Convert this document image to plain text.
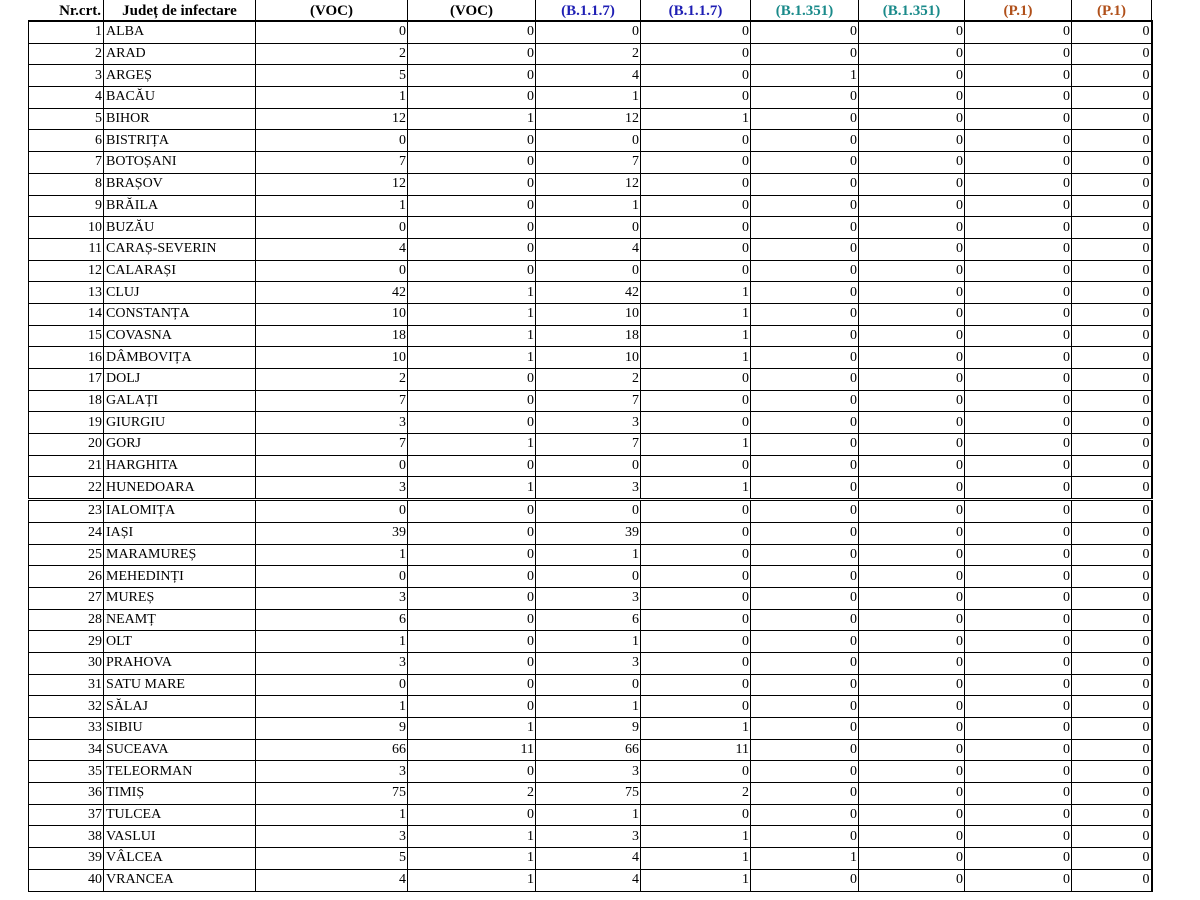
Nr.crt.	Județ de infectare	(VOC)	(VOC)	(B.1.1.7)	(B.1.1.7)	(B.1.351)	(B.1.351)	(P.1)	(P.1)
1	ALBA	0	0	0	0	0	0	0	0
2	ARAD	2	0	2	0	0	0	0	0
3	ARGEȘ	5	0	4	0	1	0	0	0
4	BACĂU	1	0	1	0	0	0	0	0
5	BIHOR	12	1	12	1	0	0	0	0
6	BISTRIȚA	0	0	0	0	0	0	0	0
7	BOTOȘANI	7	0	7	0	0	0	0	0
8	BRAȘOV	12	0	12	0	0	0	0	0
9	BRĂILA	1	0	1	0	0	0	0	0
10	BUZĂU	0	0	0	0	0	0	0	0
11	CARAȘ-SEVERIN	4	0	4	0	0	0	0	0
12	CALARAȘI	0	0	0	0	0	0	0	0
13	CLUJ	42	1	42	1	0	0	0	0
14	CONSTANȚA	10	1	10	1	0	0	0	0
15	COVASNA	18	1	18	1	0	0	0	0
16	DÂMBOVIȚA	10	1	10	1	0	0	0	0
17	DOLJ	2	0	2	0	0	0	0	0
18	GALAȚI	7	0	7	0	0	0	0	0
19	GIURGIU	3	0	3	0	0	0	0	0
20	GORJ	7	1	7	1	0	0	0	0
21	HARGHITA	0	0	0	0	0	0	0	0
22	HUNEDOARA	3	1	3	1	0	0	0	0
23	IALOMIȚA	0	0	0	0	0	0	0	0
24	IAȘI	39	0	39	0	0	0	0	0
25	MARAMUREȘ	1	0	1	0	0	0	0	0
26	MEHEDINȚI	0	0	0	0	0	0	0	0
27	MUREȘ	3	0	3	0	0	0	0	0
28	NEAMȚ	6	0	6	0	0	0	0	0
29	OLT	1	0	1	0	0	0	0	0
30	PRAHOVA	3	0	3	0	0	0	0	0
31	SATU MARE	0	0	0	0	0	0	0	0
32	SĂLAJ	1	0	1	0	0	0	0	0
33	SIBIU	9	1	9	1	0	0	0	0
34	SUCEAVA	66	11	66	11	0	0	0	0
35	TELEORMAN	3	0	3	0	0	0	0	0
36	TIMIȘ	75	2	75	2	0	0	0	0
37	TULCEA	1	0	1	0	0	0	0	0
38	VASLUI	3	1	3	1	0	0	0	0
39	VÂLCEA	5	1	4	1	1	0	0	0
40	VRANCEA	4	1	4	1	0	0	0	0
